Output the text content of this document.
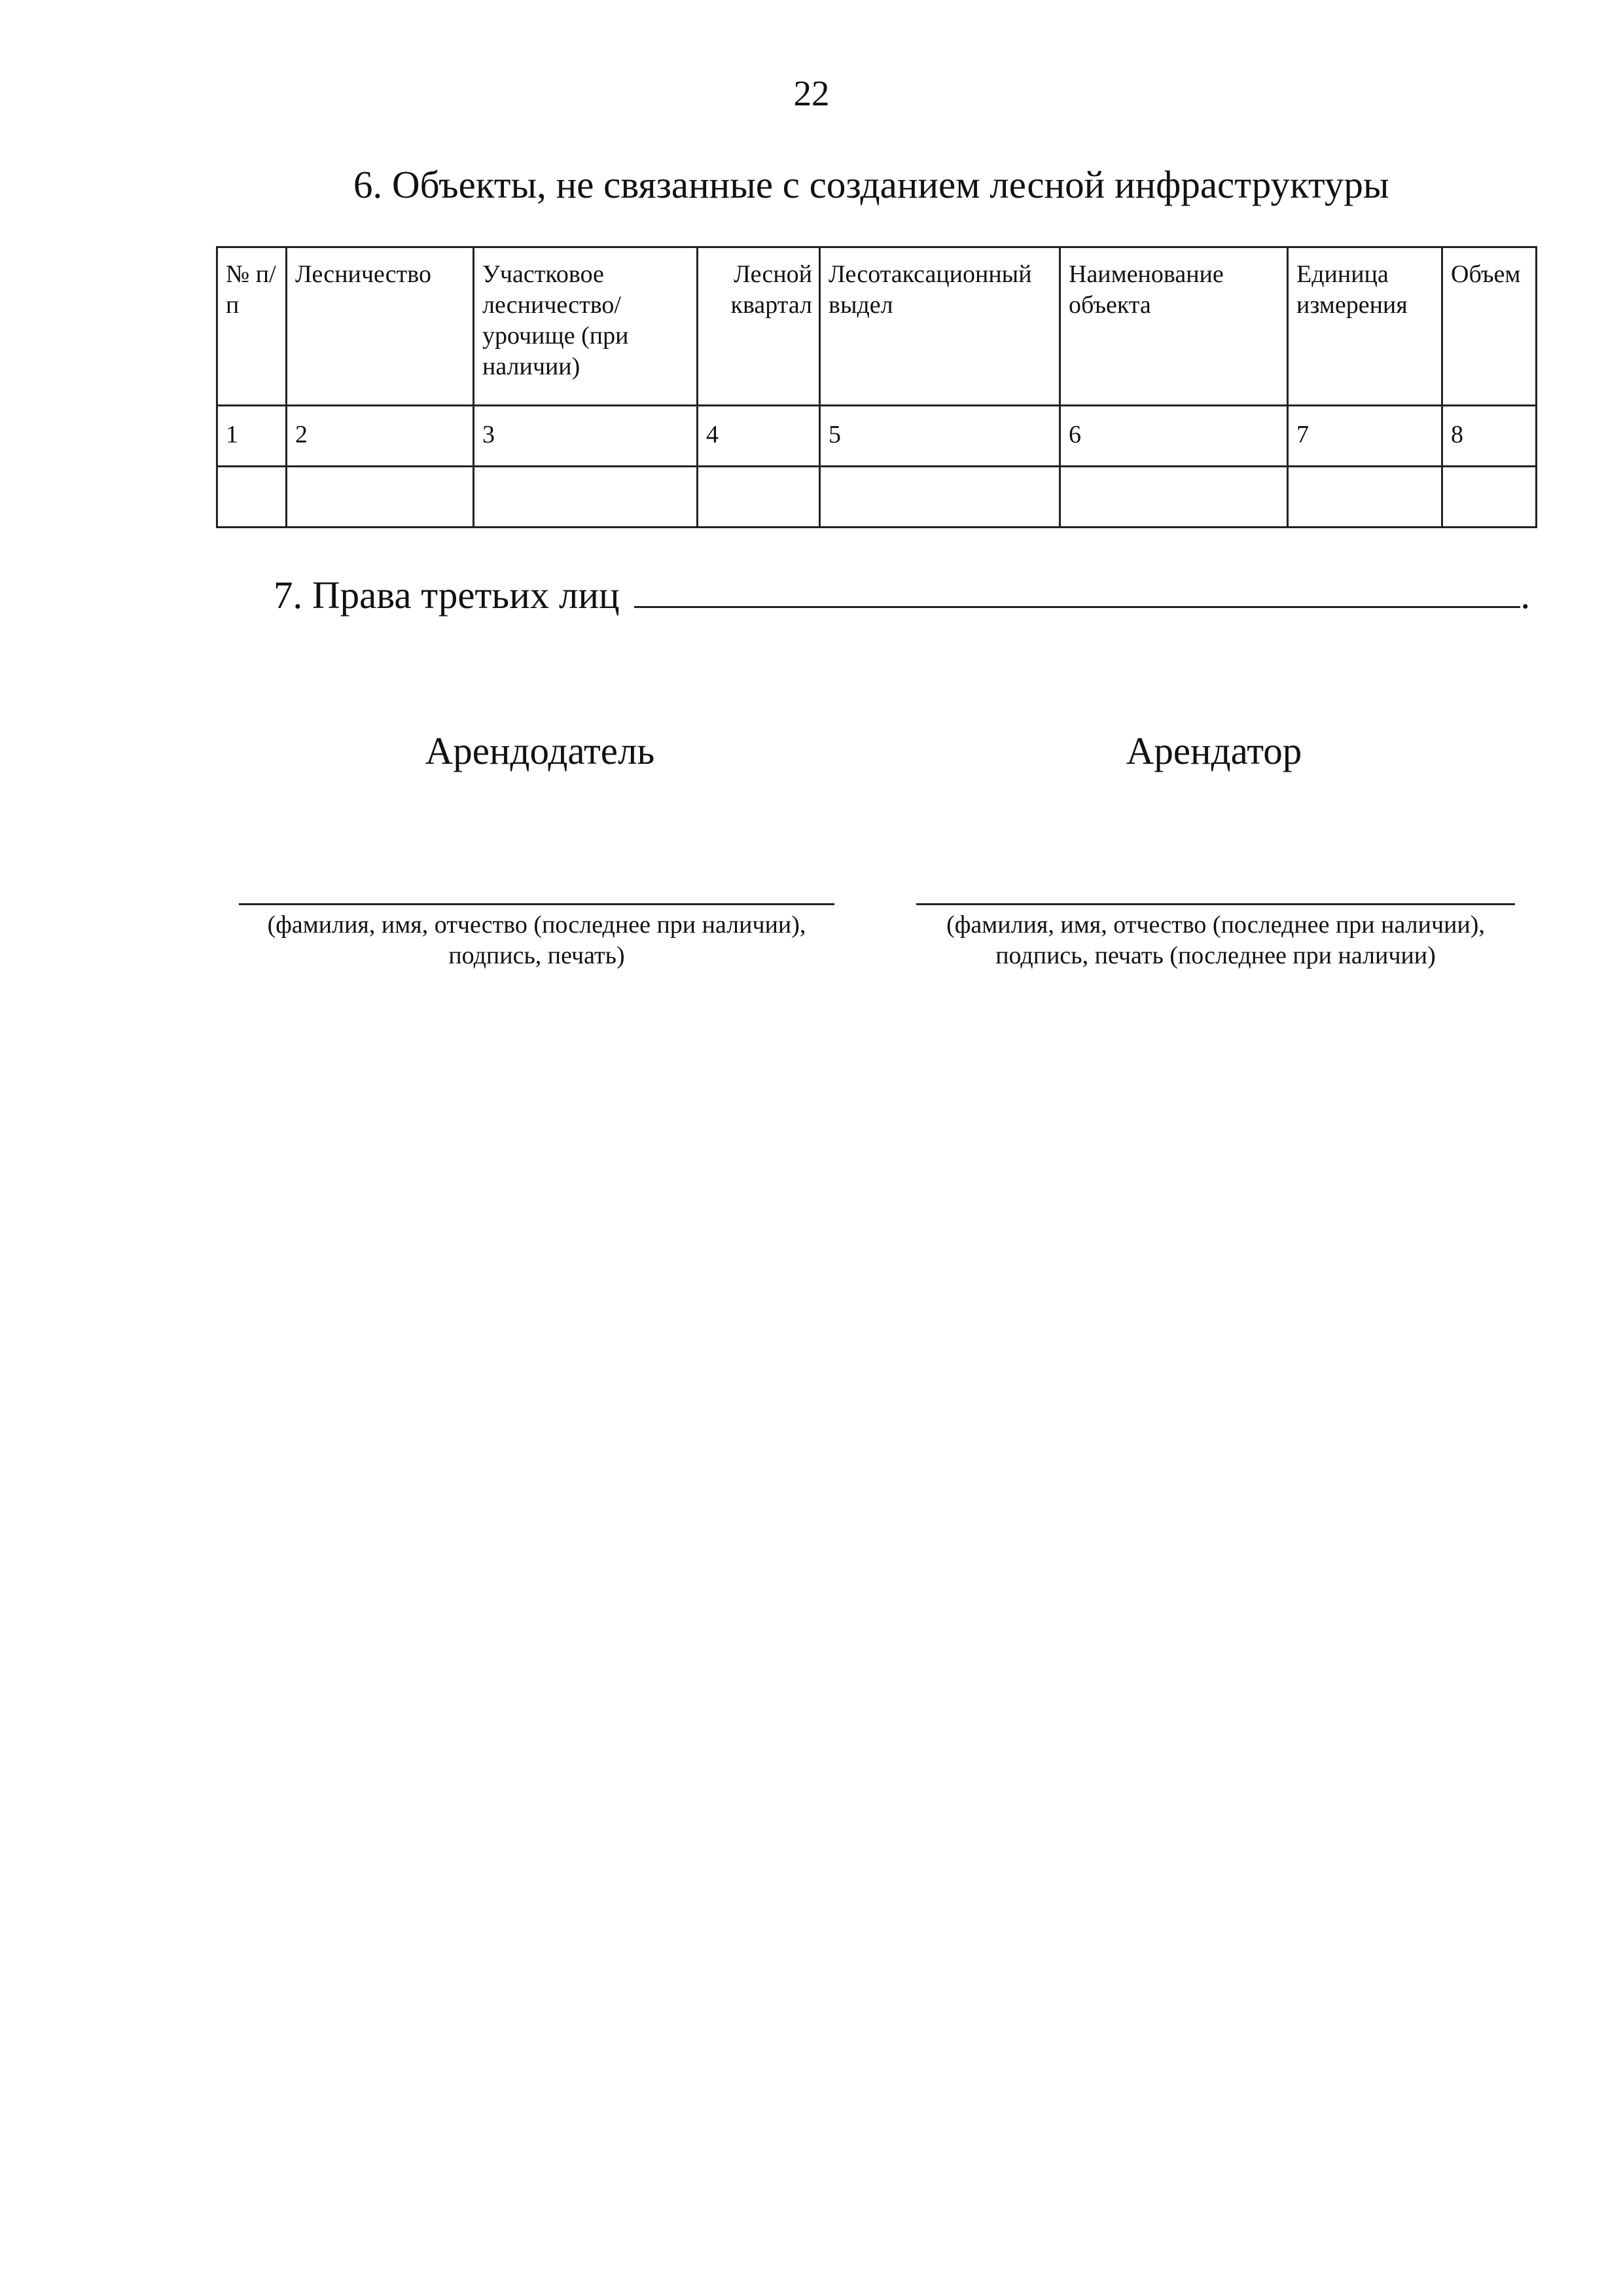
22
6. Объекты, не связанные с созданием лесной инфраструктуры
№ п/п	Лесничество	Участковое лесничество/ урочище (при наличии)	Лесной квартал	Лесотаксационный выдел	Наименование объекта	Единица измерения	Объем
1	2	3	4	5	6	7	8

7. Права третьих лиц	.
Арендодатель	Арендатор
(фамилия, имя, отчество (последнее при наличии),
подпись, печать)
(фамилия, имя, отчество (последнее при наличии),
подпись, печать (последнее при наличии)
